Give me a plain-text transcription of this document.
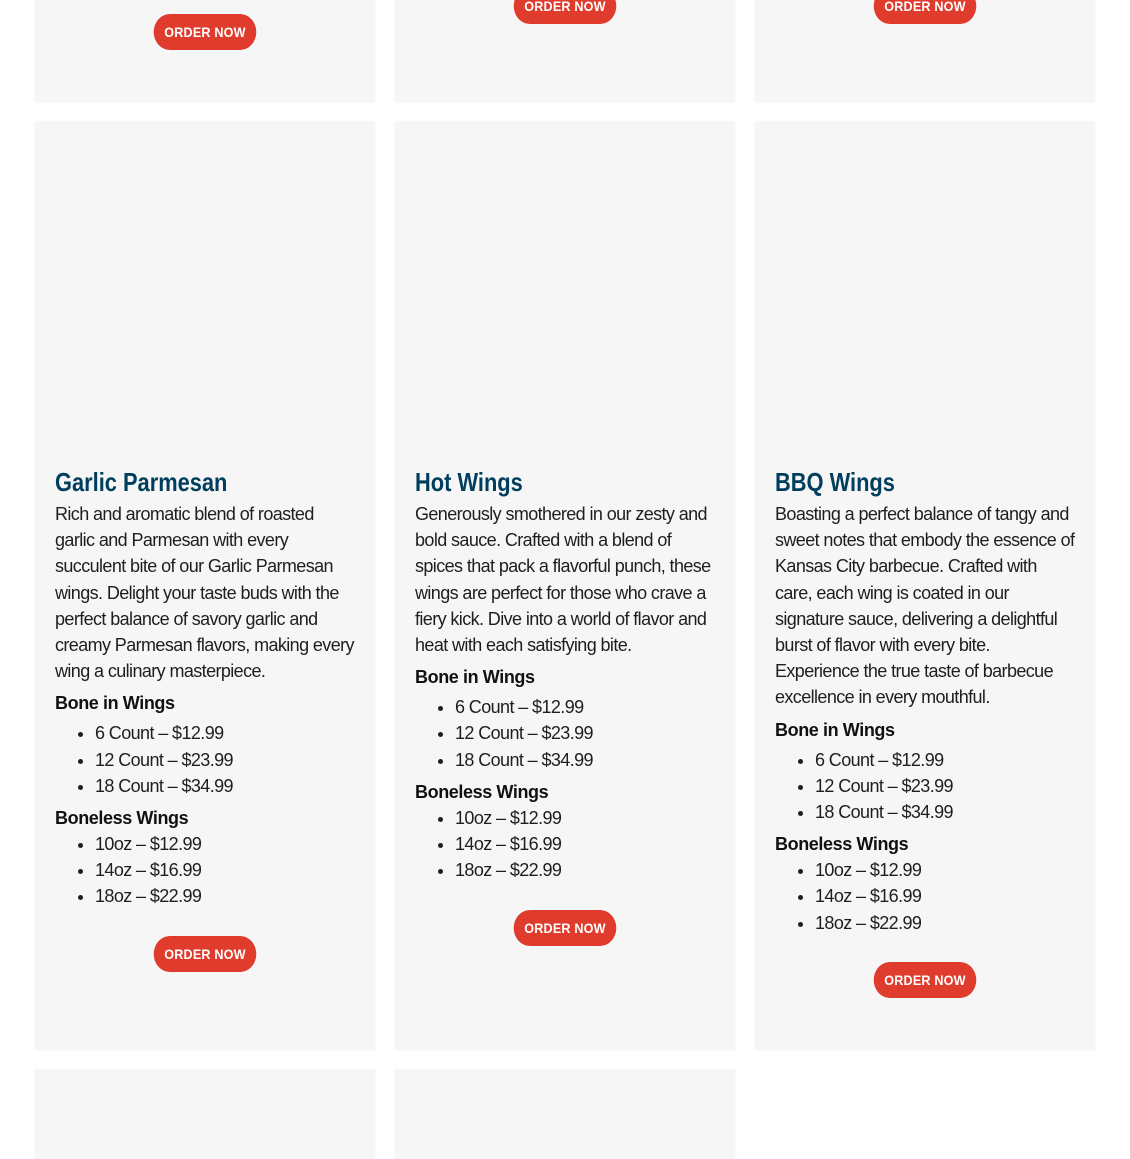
ORDER NOW
ORDER NOW	ORDER NOW
Garlic Parmesan

Rich and aromatic blend of roasted garlic and Parmesan with every succulent bite of our Garlic Parmesan wings. Delight your taste buds with the perfect balance of savory garlic and creamy Parmesan flavors, making every wing a culinary masterpiece.

Bone in Wings
• 6 Count – $12.99
• 12 Count – $23.99
• 18 Count – $34.99
Boneless Wings
• 10oz – $12.99
• 14oz – $16.99
• 18oz – $22.99
ORDER NOW
Hot Wings

Generously smothered in our zesty and bold sauce. Crafted with a blend of spices that pack a flavorful punch, these wings are perfect for those who crave a fiery kick. Dive into a world of flavor and heat with each satisfying bite.

Bone in Wings
• 6 Count – $12.99
• 12 Count – $23.99
• 18 Count – $34.99
Boneless Wings
• 10oz – $12.99
• 14oz – $16.99
• 18oz – $22.99
ORDER NOW
BBQ Wings

Boasting a perfect balance of tangy and sweet notes that embody the essence of Kansas City barbecue. Crafted with care, each wing is coated in our signature sauce, delivering a delightful burst of flavor with every bite. Experience the true taste of barbecue excellence in every mouthful.

Bone in Wings
• 6 Count – $12.99
• 12 Count – $23.99
• 18 Count – $34.99
Boneless Wings
• 10oz – $12.99
• 14oz – $16.99
• 18oz – $22.99
ORDER NOW
